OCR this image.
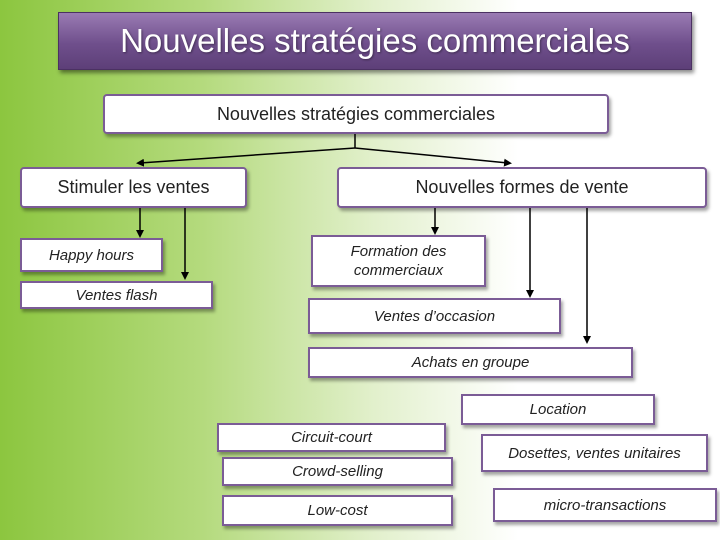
Nouvelles stratégies commerciales
Nouvelles stratégies commerciales
Stimuler les ventes	Nouvelles formes de vente
Happy hours
Ventes flash
Formation des commerciaux
Ventes d’occasion
Achats en groupe
Location
Circuit-court
Crowd-selling
Low-cost
Dosettes, ventes unitaires
micro-transactions
